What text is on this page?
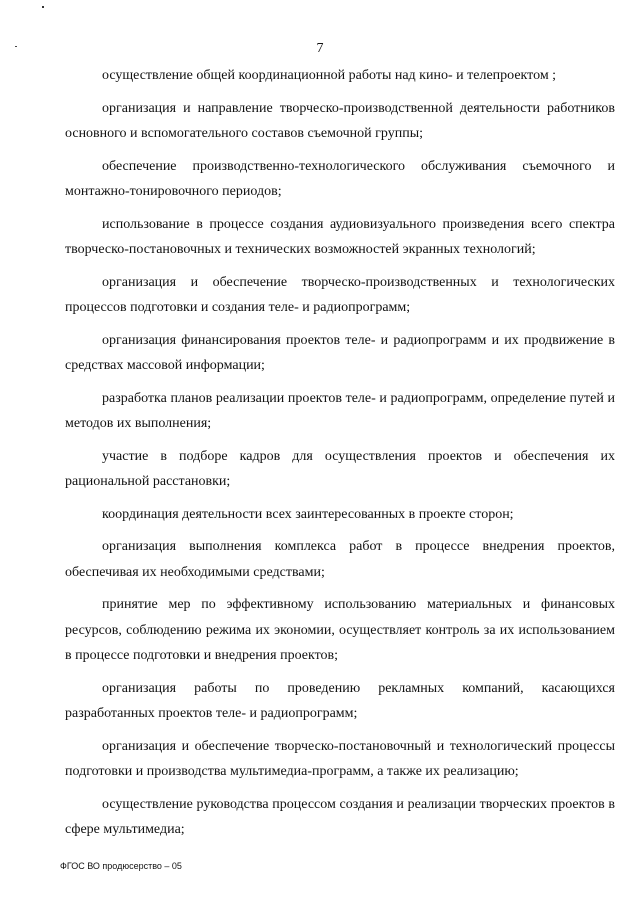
7

осуществление общей координационной работы над кино- и телепроектом ;

организация и направление творческо-производственной деятельности работников основного и вспомогательного составов съемочной группы;

обеспечение производственно-технологического обслуживания съемочного и монтажно-тонировочного периодов;

использование в процессе создания аудиовизуального произведения всего спектра творческо-постановочных и технических возможностей экранных технологий;

организация и обеспечение творческо-производственных и технологических процессов подготовки и создания теле- и радиопрограмм;

организация финансирования проектов теле- и радиопрограмм и их продвижение в средствах массовой информации;

разработка планов реализации проектов теле- и радиопрограмм, определение путей и методов их выполнения;

участие в подборе кадров для осуществления проектов и обеспечения их рациональной расстановки;

координация деятельности всех заинтересованных в проекте сторон;

организация выполнения комплекса работ в процессе внедрения проектов, обеспечивая их необходимыми средствами;

принятие мер по эффективному использованию материальных и финансовых ресурсов, соблюдению режима их экономии, осуществляет контроль за их использованием в процессе подготовки и внедрения проектов;

организация работы по проведению рекламных компаний, касающихся разработанных проектов теле- и радиопрограмм;

организация и обеспечение творческо-постановочный и технологический процессы подготовки и производства мультимедиа-программ, а также их реализацию;

осуществление руководства процессом создания и реализации творческих проектов в сфере мультимедиа;

ФГОС ВО продюсерство – 05
